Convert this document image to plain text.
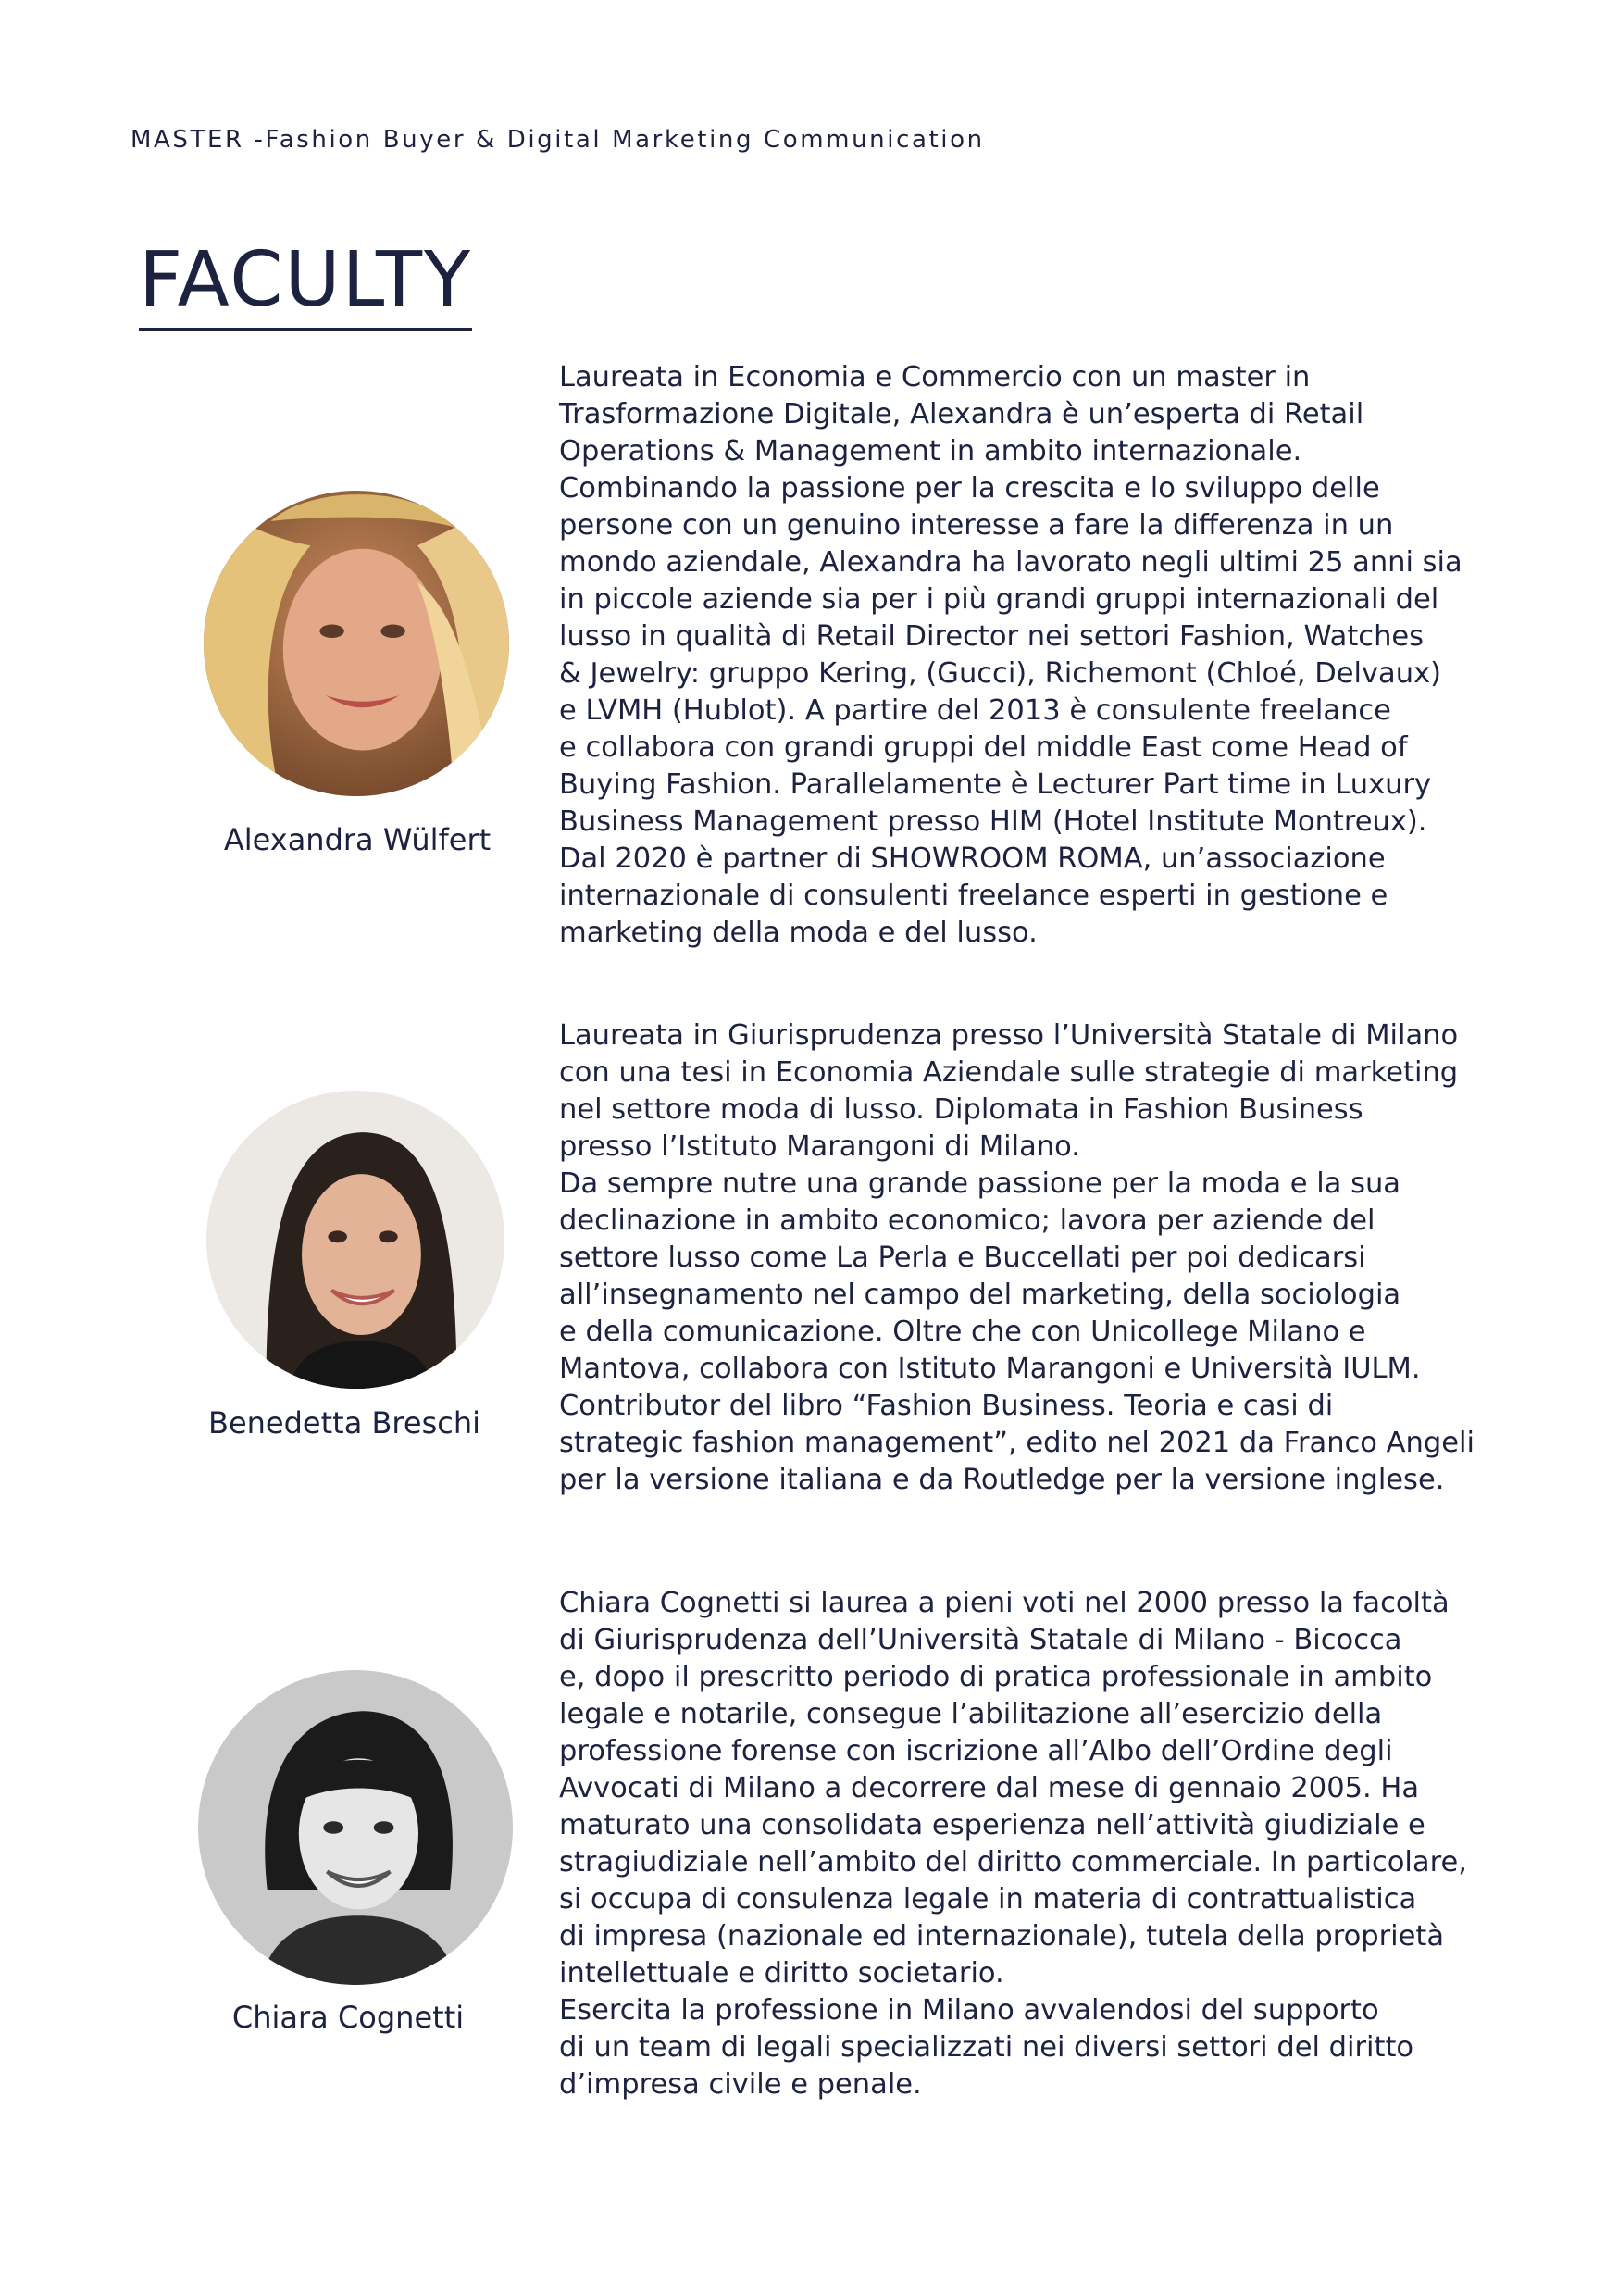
MASTER -Fashion Buyer & Digital Marketing Communication
FACULTY
Alexandra Wülfert
Laureata in Economia e Commercio con un master in
Trasformazione Digitale, Alexandra è un’esperta di Retail
Operations & Management in ambito internazionale.
Combinando la passione per la crescita e lo sviluppo delle
persone con un genuino interesse a fare la differenza in un
mondo aziendale, Alexandra ha lavorato negli ultimi 25 anni sia
in piccole aziende sia per i più grandi gruppi internazionali del
lusso in qualità di Retail Director nei settori Fashion, Watches
& Jewelry: gruppo Kering, (Gucci), Richemont (Chloé, Delvaux)
e LVMH (Hublot). A partire del 2013 è consulente freelance
e collabora con grandi gruppi del middle East come Head of
Buying Fashion. Parallelamente è Lecturer Part time in Luxury
Business Management presso HIM (Hotel Institute Montreux).
Dal 2020 è partner di SHOWROOM ROMA, un’associazione
internazionale di consulenti freelance esperti in gestione e
marketing della moda e del lusso.
Benedetta Breschi
Laureata in Giurisprudenza presso l’Università Statale di Milano
con una tesi in Economia Aziendale sulle strategie di marketing
nel settore moda di lusso. Diplomata in Fashion Business
presso l’Istituto Marangoni di Milano.
Da sempre nutre una grande passione per la moda e la sua
declinazione in ambito economico; lavora per aziende del
settore lusso come La Perla e Buccellati per poi dedicarsi
all’insegnamento nel campo del marketing, della sociologia
e della comunicazione. Oltre che con Unicollege Milano e
Mantova, collabora con Istituto Marangoni e Università IULM.
Contributor del libro “Fashion Business. Teoria e casi di
strategic fashion management”, edito nel 2021 da Franco Angeli
per la versione italiana e da Routledge per la versione inglese.
Chiara Cognetti
Chiara Cognetti si laurea a pieni voti nel 2000 presso la facoltà
di Giurisprudenza dell’Università Statale di Milano - Bicocca
e, dopo il prescritto periodo di pratica professionale in ambito
legale e notarile, consegue l’abilitazione all’esercizio della
professione forense con iscrizione all’Albo dell’Ordine degli
Avvocati di Milano a decorrere dal mese di gennaio 2005. Ha
maturato una consolidata esperienza nell’attività giudiziale e
stragiudiziale nell’ambito del diritto commerciale. In particolare,
si occupa di consulenza legale in materia di contrattualistica
di impresa (nazionale ed internazionale), tutela della proprietà
intellettuale e diritto societario.
Esercita la professione in Milano avvalendosi del supporto
di un team di legali specializzati nei diversi settori del diritto
d’impresa civile e penale.
